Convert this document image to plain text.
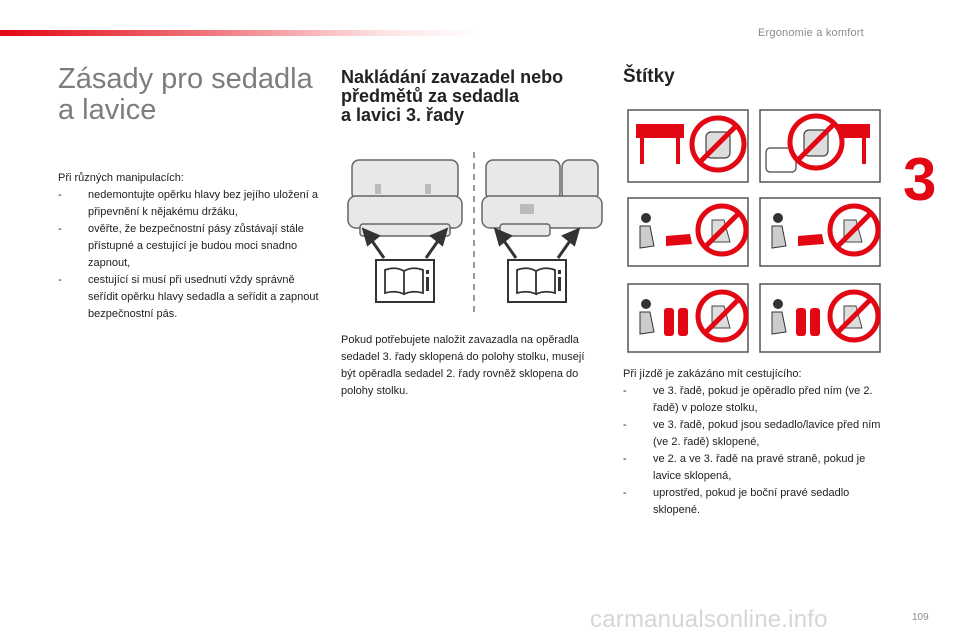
Ergonomie a komfort
3
109
carmanualsonline.info
Zásady pro sedadla a lavice

Při různých manipulacích:

- nedemontujte opěrku hlavy bez jejího uložení a připevnění k nějakému držáku,
- ověřte, že bezpečnostní pásy zůstávají stále přístupné a cestující je budou moci snadno zapnout,
- cestující si musí při usednutí vždy správně seřídit opěrku hlavy sedadla a seřídit a zapnout bezpečnostní pás.
Nakládání zavazadel nebo
předmětů za sedadla
a lavici 3. řady
Pokud potřebujete naložit zavazadla na opěradla sedadel 3. řady sklopená do polohy stolku, musejí být opěradla sedadel 2. řady rovněž sklopena do polohy stolku.
Štítky

Při jízdě je zakázáno mít cestujícího:

- ve 3. řadě, pokud je opěradlo před ním (ve 2. řadě) v poloze stolku,
- ve 3. řadě, pokud jsou sedadlo/lavice před ním (ve 2. řadě) sklopené,
- ve 2. a ve 3. řadě na pravé straně, pokud je lavice sklopená,
- uprostřed, pokud je boční pravé sedadlo sklopené.
